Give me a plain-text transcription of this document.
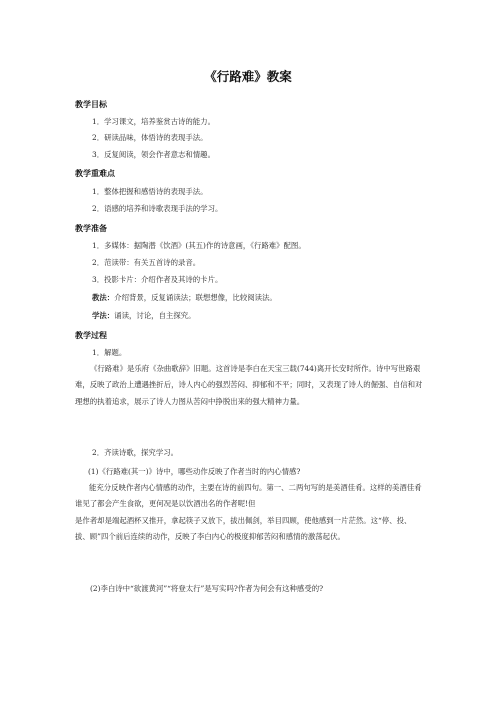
《行路难》教案
教学目标
1．学习课文，培养鉴赏古诗的能力。
2．研读品味，体悟诗的表现手法。
3．反复阅读，领会作者意志和情趣。
教学重难点
1．整体把握和感悟诗的表现手法。
2．语感的培养和诗歌表现手法的学习。
教学准备
1．多媒体：据陶潜《饮酒》(其五)作的诗意画，《行路难》配图。
2．范读带：有关五首诗的录音。
3．投影卡片：介绍作者及其诗的卡片。
教法：介绍背景，反复诵读法；联想想像，比较阅读法。
学法：诵读，讨论，自主探究。
教学过程
1．解题。

《行路难》是乐府《杂曲歌辞》旧题。这首诗是李白在天宝三载(744)离开长安时所作。诗中写世路艰难，反映了政治上遭遇挫折后，诗人内心的强烈苦闷、抑郁和不平；同时，又表现了诗人的倔强、自信和对理想的执着追求，展示了诗人力图从苦闷中挣脱出来的强大精神力量。

2．齐读诗歌，探究学习。
(1)《行路难(其一)》诗中，哪些动作反映了作者当时的内心情感?

能充分反映作者内心情感的动作，主要在诗的前四句。第一、二两句写的是美酒佳肴。这样的美酒佳肴谁见了都会产生食欲，更何况是以饮酒出名的作者呢!但

是作者却是端起酒杯又推开，拿起筷子又放下，拔出佩剑，举目四顾，使他感到一片茫然。这“停、投、拔、顾”四个前后连续的动作，反映了李白内心的极度抑郁苦闷和感情的激荡起伏。

(2)李白诗中“欲渡黄河”“将登太行”是写实吗?作者为何会有这种感受的?
